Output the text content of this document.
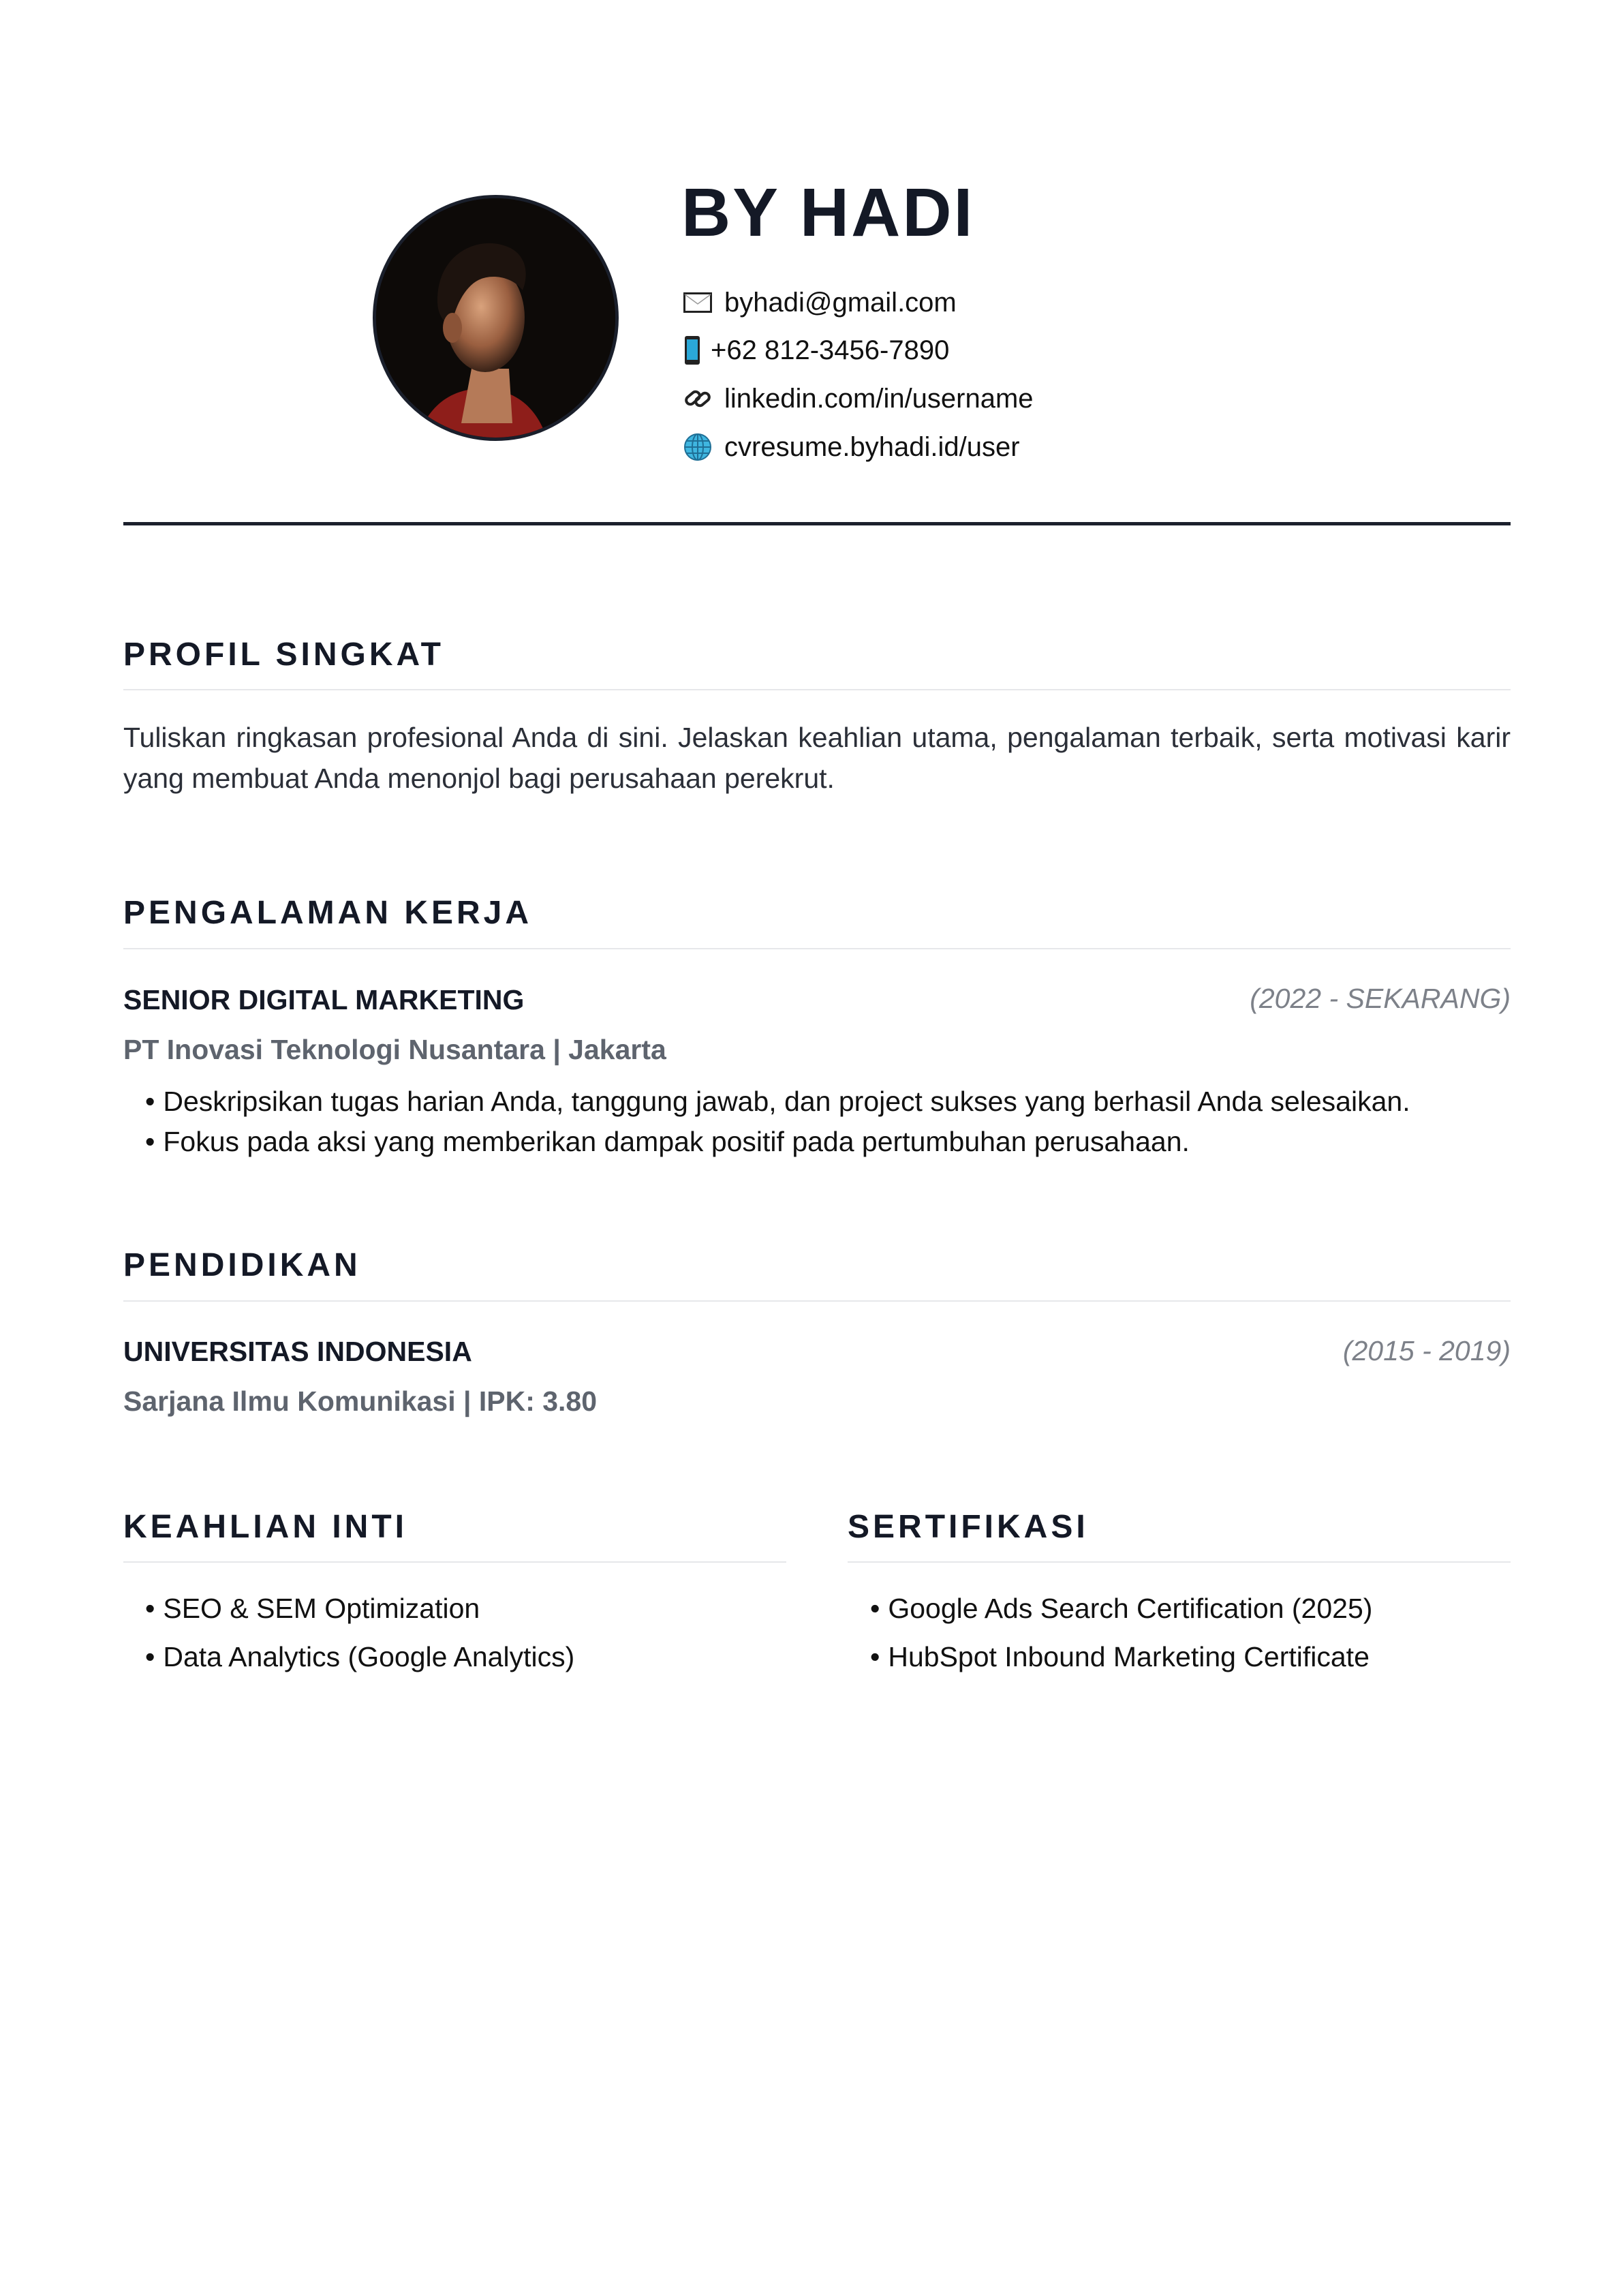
BY HADI
byhadi@gmail.com
+62 812-3456-7890
linkedin.com/in/username
cvresume.byhadi.id/user
PROFIL SINGKAT
Tuliskan ringkasan profesional Anda di sini. Jelaskan keahlian utama, pengalaman terbaik, serta motivasi karir yang membuat Anda menonjol bagi perusahaan perekrut.
PENGALAMAN KERJA
SENIOR DIGITAL MARKETING	(2022 - SEKARANG)
PT Inovasi Teknologi Nusantara | Jakarta
• Deskripsikan tugas harian Anda, tanggung jawab, dan project sukses yang berhasil Anda selesaikan.
• Fokus pada aksi yang memberikan dampak positif pada pertumbuhan perusahaan.
PENDIDIKAN
UNIVERSITAS INDONESIA	(2015 - 2019)
Sarjana Ilmu Komunikasi | IPK: 3.80
KEAHLIAN INTI
• SEO & SEM Optimization
• Data Analytics (Google Analytics)
SERTIFIKASI
• Google Ads Search Certification (2025)
• HubSpot Inbound Marketing Certificate
